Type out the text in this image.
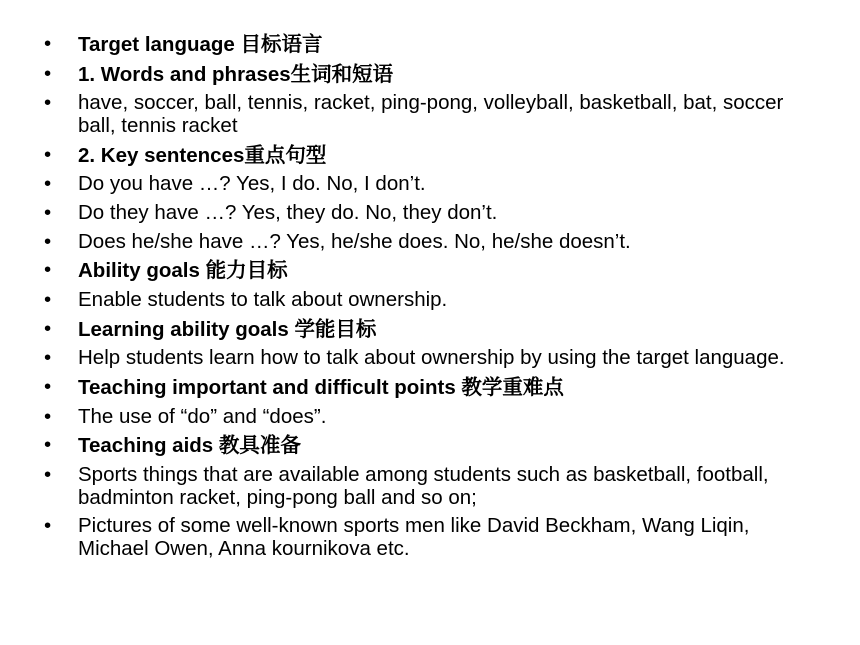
•	Target language 目标语言
•	1. Words and phrases生词和短语
•	have, soccer, ball, tennis, racket, ping-pong, volleyball, basketball, bat, soccer ball, tennis racket
•	2. Key sentences重点句型
•	Do you have …? Yes, I do. No, I don’t.
•	Do they have …? Yes, they do. No, they don’t.
•	Does he/she have …? Yes, he/she does. No, he/she doesn’t.
•	Ability goals 能力目标
•	Enable students to talk about ownership.
•	Learning ability goals 学能目标
•	Help students learn how to talk about ownership by using the target language.
•	Teaching important and difficult points 教学重难点
•	The use of “do” and “does”.
•	Teaching aids 教具准备
•	Sports things that are available among students such as basketball, football, badminton racket, ping-pong ball and so on;
•	Pictures of some well-known sports men like David Beckham, Wang Liqin, Michael Owen, Anna kournikova etc.
